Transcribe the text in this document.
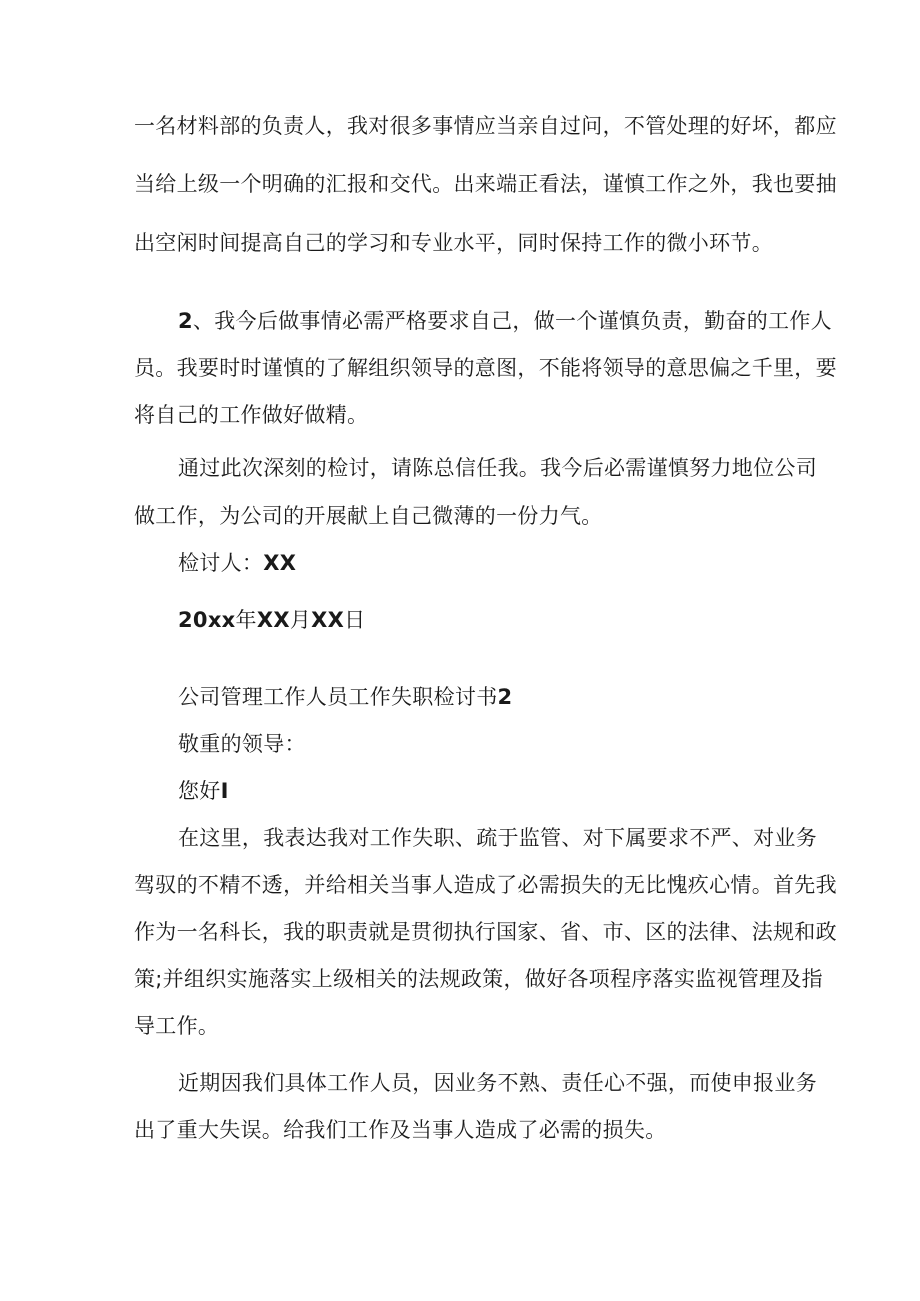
一名材料部的负责人，我对很多事情应当亲自过问，不管处理的好坏，都应
当给上级一个明确的汇报和交代。出来端正看法，谨慎工作之外，我也要抽
出空闲时间提高自己的学习和专业水平，同时保持工作的微小环节。
2、我今后做事情必需严格要求自己，做一个谨慎负责，勤奋的工作人
员。我要时时谨慎的了解组织领导的意图，不能将领导的意思偏之千里，要
将自己的工作做好做精。
通过此次深刻的检讨，请陈总信任我。我今后必需谨慎努力地位公司
做工作，为公司的开展献上自己微薄的一份力气。
检讨人：XX
20xx年XX月XX日
公司管理工作人员工作失职检讨书2
敬重的领导：
您好I
在这里，我表达我对工作失职、疏于监管、对下属要求不严、对业务
驾驭的不精不透，并给相关当事人造成了必需损失的无比愧疚心情。首先我
作为一名科长，我的职责就是贯彻执行国家、省、市、区的法律、法规和政
策;并组织实施落实上级相关的法规政策，做好各项程序落实监视管理及指
导工作。
近期因我们具体工作人员，因业务不熟、责任心不强，而使申报业务
出了重大失误。给我们工作及当事人造成了必需的损失。
